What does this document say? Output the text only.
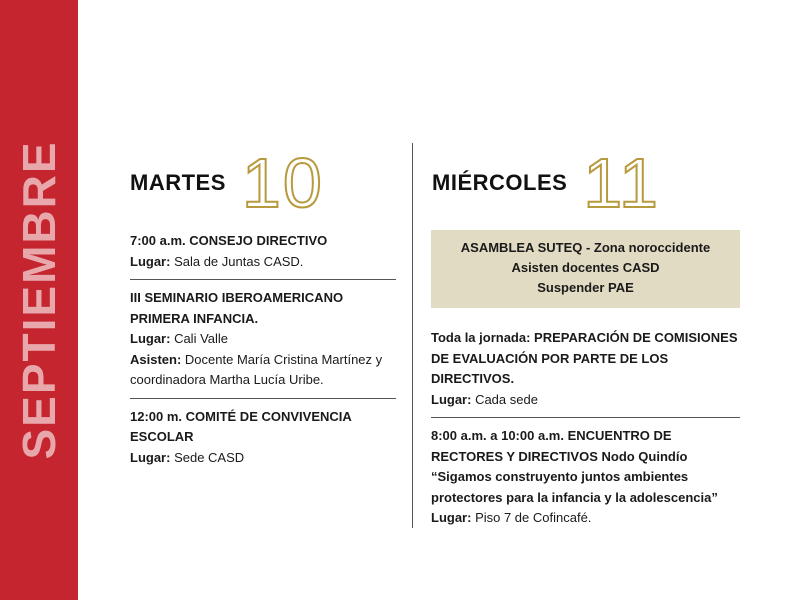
SEPTIEMBRE	MARTES 10	MIÉRCOLES 11
7:00 a.m. CONSEJO DIRECTIVO
Lugar: Sala de Juntas CASD.
III SEMINARIO IBEROAMERICANO PRIMERA INFANCIA.
Lugar: Cali Valle
Asisten: Docente María Cristina Martínez y coordinadora Martha Lucía Uribe.
12:00 m. COMITÉ DE CONVIVENCIA ESCOLAR
Lugar: Sede CASD
ASAMBLEA SUTEQ - Zona noroccidente
Asisten docentes CASD
Suspender PAE
Toda la jornada: PREPARACIÓN DE COMISIONES DE EVALUACIÓN POR PARTE DE LOS DIRECTIVOS.
Lugar: Cada sede
8:00 a.m. a 10:00 a.m. ENCUENTRO DE RECTORES Y DIRECTIVOS Nodo Quindío
“Sigamos construyento juntos ambientes protectores para la infancia y la adolescencia”
Lugar: Piso 7 de Cofincafé.
